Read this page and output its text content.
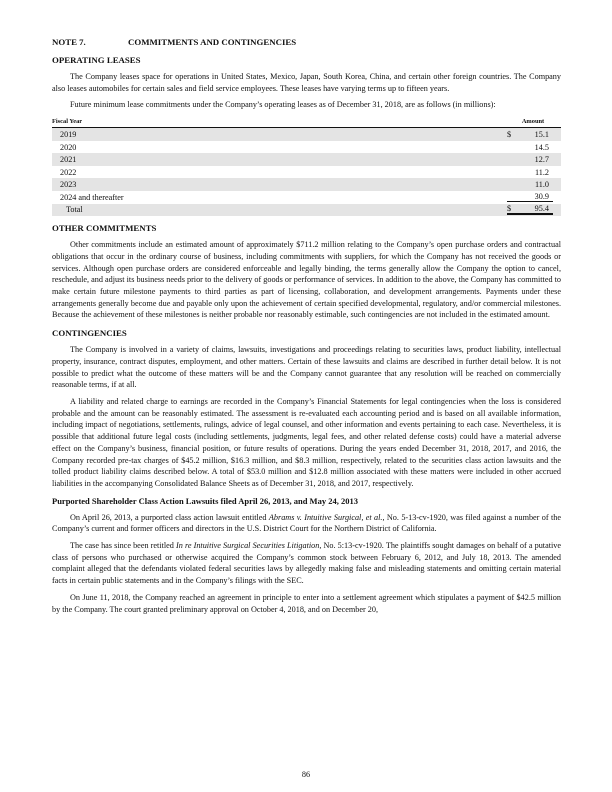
NOTE 7.	COMMITMENTS AND CONTINGENCIES
OPERATING LEASES

The Company leases space for operations in United States, Mexico, Japan, South Korea, China, and certain other foreign countries. The Company also leases automobiles for certain sales and field service employees. These leases have varying terms up to fifteen years.

Future minimum lease commitments under the Company’s operating leases as of December 31, 2018, are as follows (in millions):

Fiscal Year	Amount
2019	$	15.1
2020	14.5
2021	12.7
2022	11.2
2023	11.0
2024 and thereafter	30.9
Total	$	95.4
OTHER COMMITMENTS

Other commitments include an estimated amount of approximately $711.2 million relating to the Company’s open purchase orders and contractual obligations that occur in the ordinary course of business, including commitments with suppliers, for which the Company has not received the goods or services. Although open purchase orders are considered enforceable and legally binding, the terms generally allow the Company the option to cancel, reschedule, and adjust its business needs prior to the delivery of goods or performance of services. In addition to the above, the Company has committed to make certain future milestone payments to third parties as part of licensing, collaboration, and development arrangements. Payments under these arrangements generally become due and payable only upon the achievement of certain specified developmental, regulatory, and/or commercial milestones. Because the achievement of these milestones is neither probable nor reasonably estimable, such contingencies are not included in the estimated amount.

CONTINGENCIES

The Company is involved in a variety of claims, lawsuits, investigations and proceedings relating to securities laws, product liability, intellectual property, insurance, contract disputes, employment, and other matters. Certain of these lawsuits and claims are described in further detail below. It is not possible to predict what the outcome of these matters will be and the Company cannot guarantee that any resolution will be reached on commercially reasonable terms, if at all.

A liability and related charge to earnings are recorded in the Company’s Financial Statements for legal contingencies when the loss is considered probable and the amount can be reasonably estimated. The assessment is re-evaluated each accounting period and is based on all available information, including impact of negotiations, settlements, rulings, advice of legal counsel, and other information and events pertaining to each case. Nevertheless, it is possible that additional future legal costs (including settlements, judgments, legal fees, and other related defense costs) could have a material adverse effect on the Company’s business, financial position, or future results of operations. During the years ended December 31, 2018, 2017, and 2016, the Company recorded pre-tax charges of $45.2 million, $16.3 million, and $8.3 million, respectively, related to the securities class action lawsuits and the tolled product liability claims described below. A total of $53.0 million and $12.8 million associated with these matters were included in other accrued liabilities in the accompanying Consolidated Balance Sheets as of December 31, 2018, and 2017, respectively.

Purported Shareholder Class Action Lawsuits filed April 26, 2013, and May 24, 2013

On April 26, 2013, a purported class action lawsuit entitled Abrams v. Intuitive Surgical, et al., No. 5-13-cv-1920, was filed against a number of the Company’s current and former officers and directors in the U.S. District Court for the Northern District of California.

The case has since been retitled In re Intuitive Surgical Securities Litigation, No. 5:13-cv-1920. The plaintiffs sought damages on behalf of a putative class of persons who purchased or otherwise acquired the Company’s common stock between February 6, 2012, and July 18, 2013. The amended complaint alleged that the defendants violated federal securities laws by allegedly making false and misleading statements and omitting certain material facts in certain public statements and in the Company’s filings with the SEC.

On June 11, 2018, the Company reached an agreement in principle to enter into a settlement agreement which stipulates a payment of $42.5 million by the Company. The court granted preliminary approval on October 4, 2018, and on December 20,

86
